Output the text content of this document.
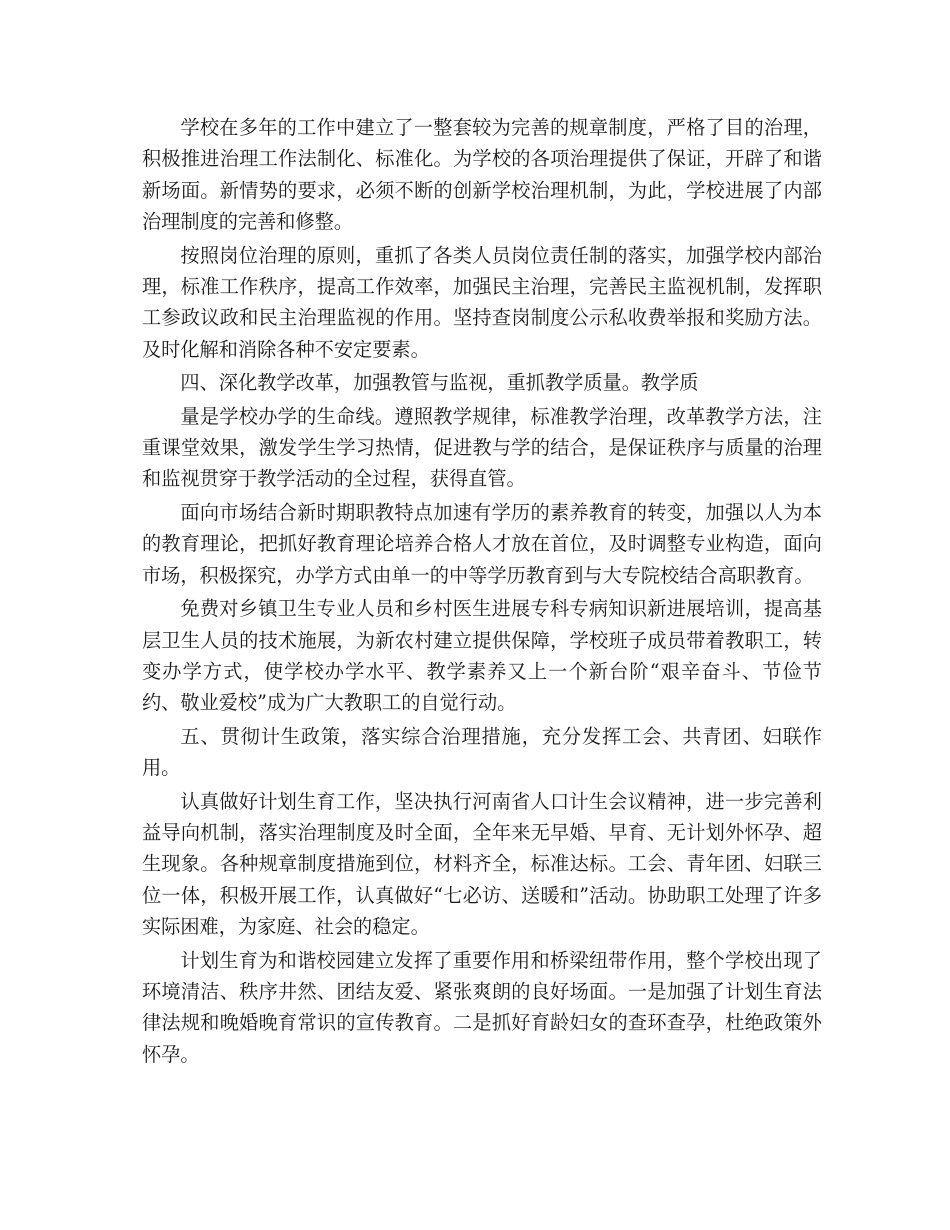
学校在多年的工作中建立了一整套较为完善的规章制度，严格了目的治理，积极推进治理工作法制化、标准化。为学校的各项治理提供了保证，开辟了和谐新场面。新情势的要求，必须不断的创新学校治理机制，为此，学校进展了内部治理制度的完善和修整。

按照岗位治理的原则，重抓了各类人员岗位责任制的落实，加强学校内部治理，标准工作秩序，提高工作效率，加强民主治理，完善民主监视机制，发挥职工参政议政和民主治理监视的作用。坚持查岗制度公示私收费举报和奖励方法。及时化解和消除各种不安定要素。

四、深化教学改革，加强教管与监视，重抓教学质量。教学质

量是学校办学的生命线。遵照教学规律，标准教学治理，改革教学方法，注重课堂效果，激发学生学习热情，促进教与学的结合，是保证秩序与质量的治理和监视贯穿于教学活动的全过程，获得直管。

面向市场结合新时期职教特点加速有学历的素养教育的转变，加强以人为本的教育理论，把抓好教育理论培养合格人才放在首位，及时调整专业构造，面向市场，积极探究，办学方式由单一的中等学历教育到与大专院校结合高职教育。

免费对乡镇卫生专业人员和乡村医生进展专科专病知识新进展培训，提高基层卫生人员的技术施展，为新农村建立提供保障，学校班子成员带着教职工，转变办学方式，使学校办学水平、教学素养又上一个新台阶“艰辛奋斗、节俭节约、敬业爱校”成为广大教职工的自觉行动。

五、贯彻计生政策，落实综合治理措施，充分发挥工会、共青团、妇联作用。

认真做好计划生育工作，坚决执行河南省人口计生会议精神，进一步完善利益导向机制，落实治理制度及时全面，全年来无早婚、早育、无计划外怀孕、超生现象。各种规章制度措施到位，材料齐全，标准达标。工会、青年团、妇联三位一体，积极开展工作，认真做好“七必访、送暖和”活动。协助职工处理了许多实际困难，为家庭、社会的稳定。

计划生育为和谐校园建立发挥了重要作用和桥梁纽带作用，整个学校出现了环境清洁、秩序井然、团结友爱、紧张爽朗的良好场面。一是加强了计划生育法律法规和晚婚晚育常识的宣传教育。二是抓好育龄妇女的查环查孕，杜绝政策外怀孕。
